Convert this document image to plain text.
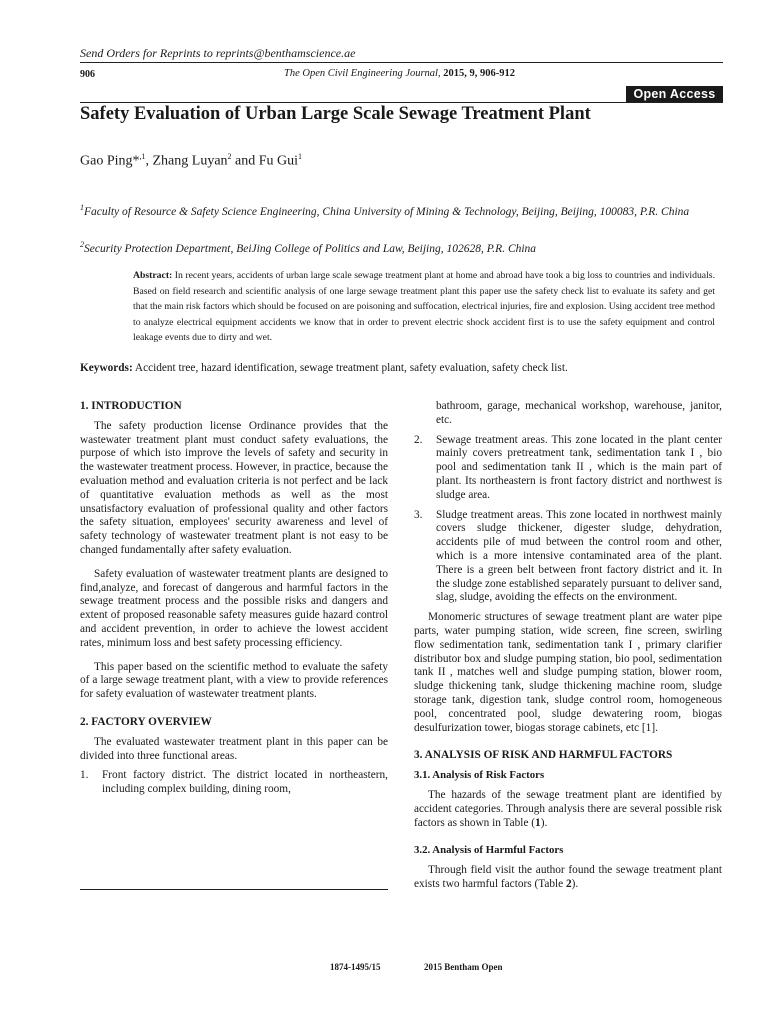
Send Orders for Reprints to reprints@benthamscience.ae
906	The Open Civil Engineering Journal, 2015, 9, 906-912
Open Access
Safety Evaluation of Urban Large Scale Sewage Treatment Plant
Gao Ping*$^{,1}$, Zhang Luyan$^2$ and Fu Gui$^1$
$^1$Faculty of Resource & Safety Science Engineering, China University of Mining & Technology, Beijing, Beijing, 100083, P.R. China
$^2$Security Protection Department, BeiJing College of Politics and Law, Beijing, 102628, P.R. China
Abstract: In recent years, accidents of urban large scale sewage treatment plant at home and abroad have took a big loss to countries and individuals. Based on field research and scientific analysis of one large sewage treatment plant this paper use the safety check list to evaluate its safety and get that the main risk factors which should be focused on are poisoning and suffocation, electrical injuries, fire and explosion. Using accident tree method to analyze electrical equipment accidents we know that in order to prevent electric shock accident first is to use the safety equipment and control leakage events due to dirty and wet.
Keywords: Accident tree, hazard identification, sewage treatment plant, safety evaluation, safety check list.
1. INTRODUCTION
The safety production license Ordinance provides that the wastewater treatment plant must conduct safety evaluations, the purpose of which isto improve the levels of safety and security in the wastewater treatment process. However, in practice, because the evaluation method and evaluation criteria is not perfect and be lack of quantitative evaluation methods as well as the most unsatisfactory evaluation of professional quality and other factors the safety situation, employees' security awareness and level of safety technology of wastewater treatment plant is not easy to be changed fundamentally after safety evaluation.
Safety evaluation of wastewater treatment plants are designed to find,analyze, and forecast of dangerous and harmful factors in the sewage treatment process and the possible risks and dangers and extent of proposed reasonable safety measures guide hazard control and accident prevention, in order to achieve the lowest accident rates, minimum loss and best safety processing efficiency.
This paper based on the scientific method to evaluate the safety of a large sewage treatment plant, with a view to provide references for safety evaluation of wastewater treatment plants.
2. FACTORY OVERVIEW
The evaluated wastewater treatment plant in this paper can be divided into three functional areas.
1. Front factory district. The district located in northeastern, including complex building, dining room,
bathroom, garage, mechanical workshop, warehouse, janitor, etc.
2. Sewage treatment areas. This zone located in the plant center mainly covers pretreatment tank, sedimentation tank I , bio pool and sedimentation tank II , which is the main part of plant. Its northeastern is front factory district and northwest is sludge area.
3. Sludge treatment areas. This zone located in northwest mainly covers sludge thickener, digester sludge, dehydration, accidents pile of mud between the control room and other, which is a more intensive contaminated area of the plant. There is a green belt between front factory district and it. In the sludge zone established separately pursuant to deliver sand, slag, sludge, avoiding the effects on the environment.
Monomeric structures of sewage treatment plant are water pipe parts, water pumping station, wide screen, fine screen, swirling flow sedimentation tank, sedimentation tank I , primary clarifier distributor box and sludge pumping station, bio pool, sedimentation tank II , matches well and sludge pumping station, blower room, sludge thickening tank, sludge thickening machine room, sludge storage tank, digestion tank, sludge control room, homogeneous pool, concentrated pool, sludge dewatering room, biogas desulfurization tower, biogas storage cabinets, etc [1].
3. ANALYSIS OF RISK AND HARMFUL FACTORS
3.1. Analysis of Risk Factors
The hazards of the sewage treatment plant are identified by accident categories. Through analysis there are several possible risk factors as shown in Table (1).
3.2. Analysis of Harmful Factors
Through field visit the author found the sewage treatment plant exists two harmful factors (Table 2).
1874-1495/15	2015 Bentham Open
